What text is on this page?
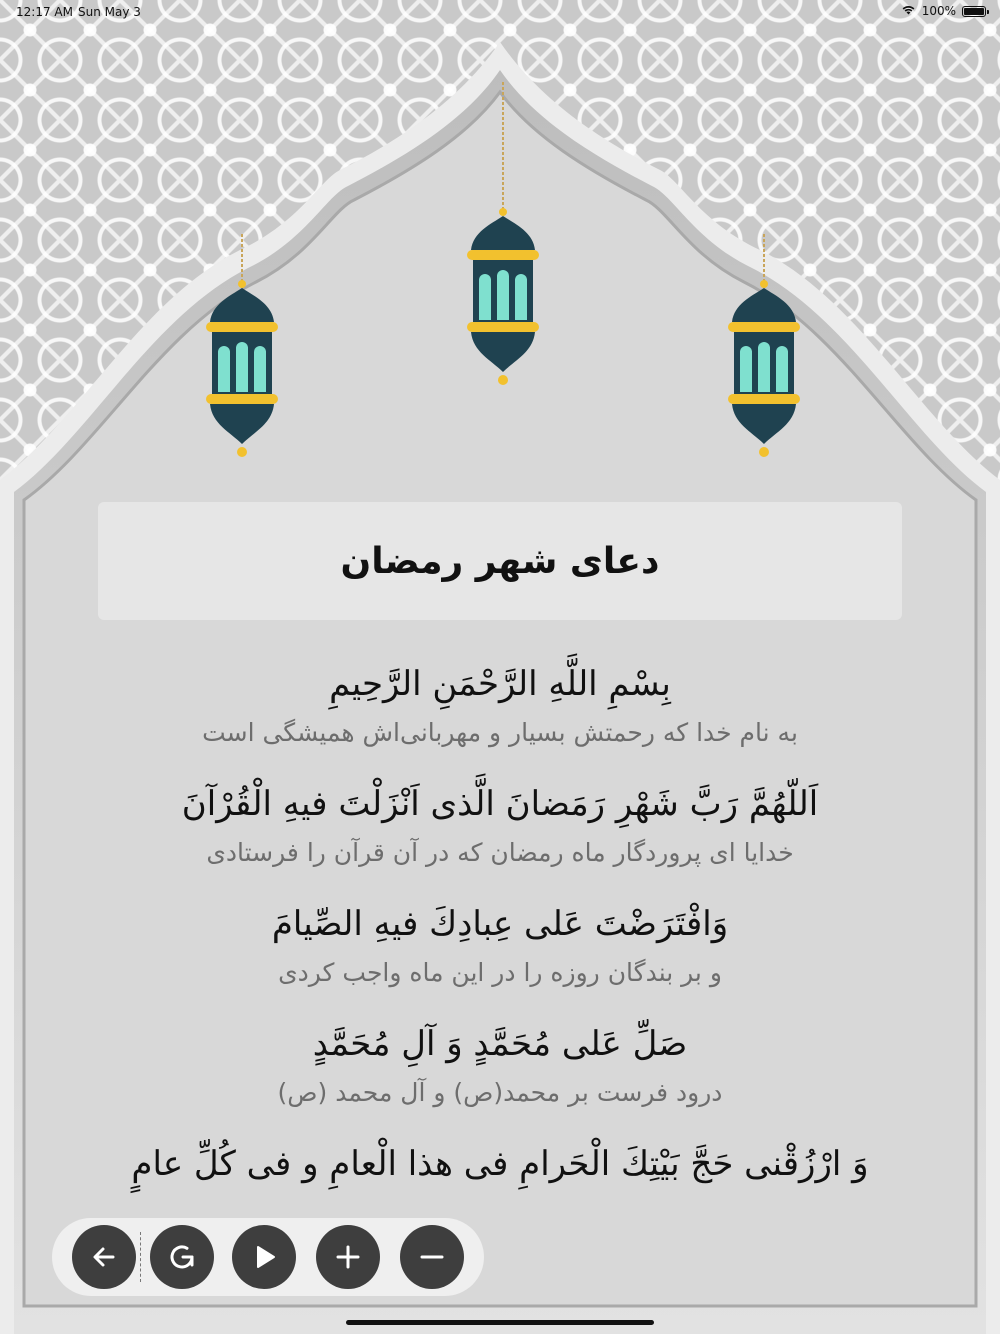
12:17 AM Sun May 3	100%
دعای شهر رمضان
بِسْمِ اللَّهِ الرَّحْمَنِ الرَّحِيمِ
به نام خدا که رحمتش بسیار و مهربانی‌اش همیشگی است
اَللّهُمَّ رَبَّ شَهْرِ رَمَضانَ الَّذی اَنْزَلْتَ فیهِ الْقُرْآنَ
خدایا ای پروردگار ماه رمضان که در آن قرآن را فرستادی
وَافْتَرَضْتَ عَلی عِبادِكَ فیهِ الصِّیامَ
و بر بندگان روزه را در این ماه واجب کردی
صَلِّ عَلی مُحَمَّدٍ وَ آلِ مُحَمَّدٍ
درود فرست بر محمد(ص) و آل محمد (ص)
وَ ارْزُقْنی حَجَّ بَیْتِكَ الْحَرامِ فی هذا الْعامِ و فی كُلِّ عامٍ
